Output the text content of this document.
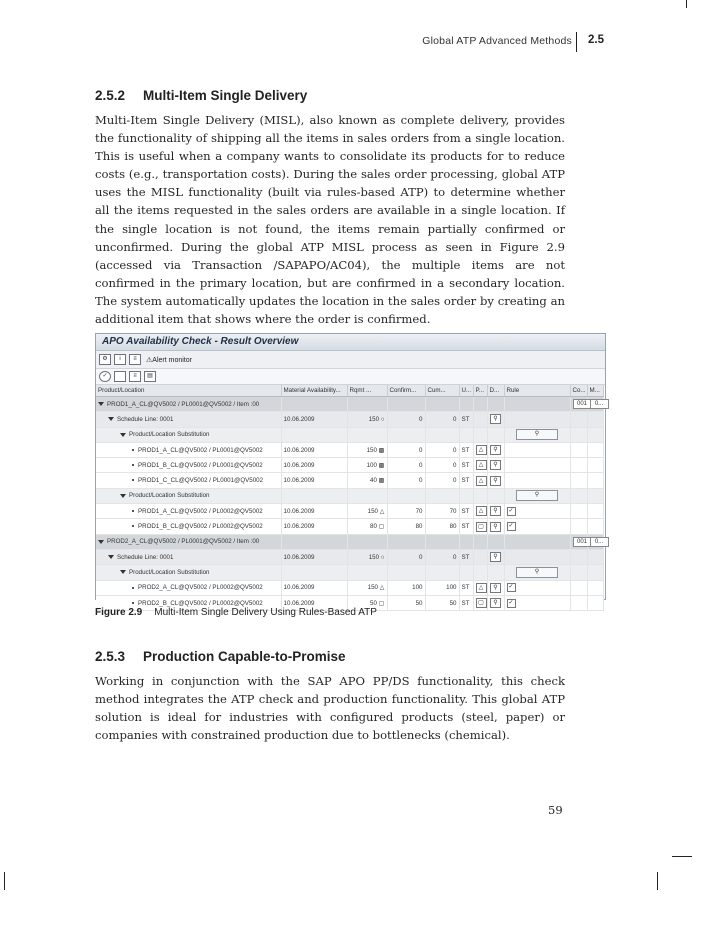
Global ATP Advanced Methods 2.5
2.5.2 Multi-Item Single Delivery
Multi-Item Single Delivery (MISL), also known as complete delivery, provides the functionality of shipping all the items in sales orders from a single location. This is useful when a company wants to consolidate its products for to reduce costs (e.g., transportation costs). During the sales order processing, global ATP uses the MISL functionality (built via rules-based ATP) to determine whether all the items requested in the sales orders are available in a single location. If the single location is not found, the items remain partially confirmed or unconfirmed. During the global ATP MISL process as seen in Figure 2.9 (accessed via Transaction /SAPAPO/AC04), the multiple items are not confirmed in the primary location, but are confirmed in a secondary location. The system automatically updates the location in the sales order by creating an additional item that shows where the order is confirmed.
APO Availability Check - Result Overview
⚙	i	≡	⚠Alert monitor
✓	≡	▤
Product/Location	Material Availability...	Rqmt ...	Confirm...	Cum...	U...	P...	D...	Rule	Co...	M...
PROD1_A_CL@QV5002 / PL0001@QV5002 / Item :00									001	0...
Schedule Line: 0001	10.06.2009	150 ○	0	0	ST		⚲			
Product/Location Substitution								⚲		
PROD1_A_CL@QV5002 / PL0001@QV5002	10.06.2009	150 ▩	0	0	ST	△	⚲			
PROD1_B_CL@QV5002 / PL0001@QV5002	10.06.2009	100 ▩	0	0	ST	△	⚲			
PROD1_C_CL@QV5002 / PL0001@QV5002	10.06.2009	40 ▩	0	0	ST	△	⚲			
Product/Location Substitution								⚲		
PROD1_A_CL@QV5002 / PL0002@QV5002	10.06.2009	150 △	70	70	ST	△	⚲	✓		
PROD1_B_CL@QV5002 / PL0002@QV5002	10.06.2009	80 ▢	80	80	ST	▢	⚲	✓		
PROD2_A_CL@QV5002 / PL0001@QV5002 / Item :00									001	0...
Schedule Line: 0001	10.06.2009	150 ○	0	0	ST		⚲			
Product/Location Substitution								⚲		
PROD2_A_CL@QV5002 / PL0002@QV5002	10.06.2009	150 △	100	100	ST	△	⚲	✓		
PROD2_B_CL@QV5002 / PL0002@QV5002	10.06.2009	50 ▢	50	50	ST	▢	⚲	✓		
Figure 2.9 Multi-Item Single Delivery Using Rules-Based ATP
2.5.3 Production Capable-to-Promise
Working in conjunction with the SAP APO PP/DS functionality, this check method integrates the ATP check and production functionality. This global ATP solution is ideal for industries with configured products (steel, paper) or companies with constrained production due to bottlenecks (chemical).
59
